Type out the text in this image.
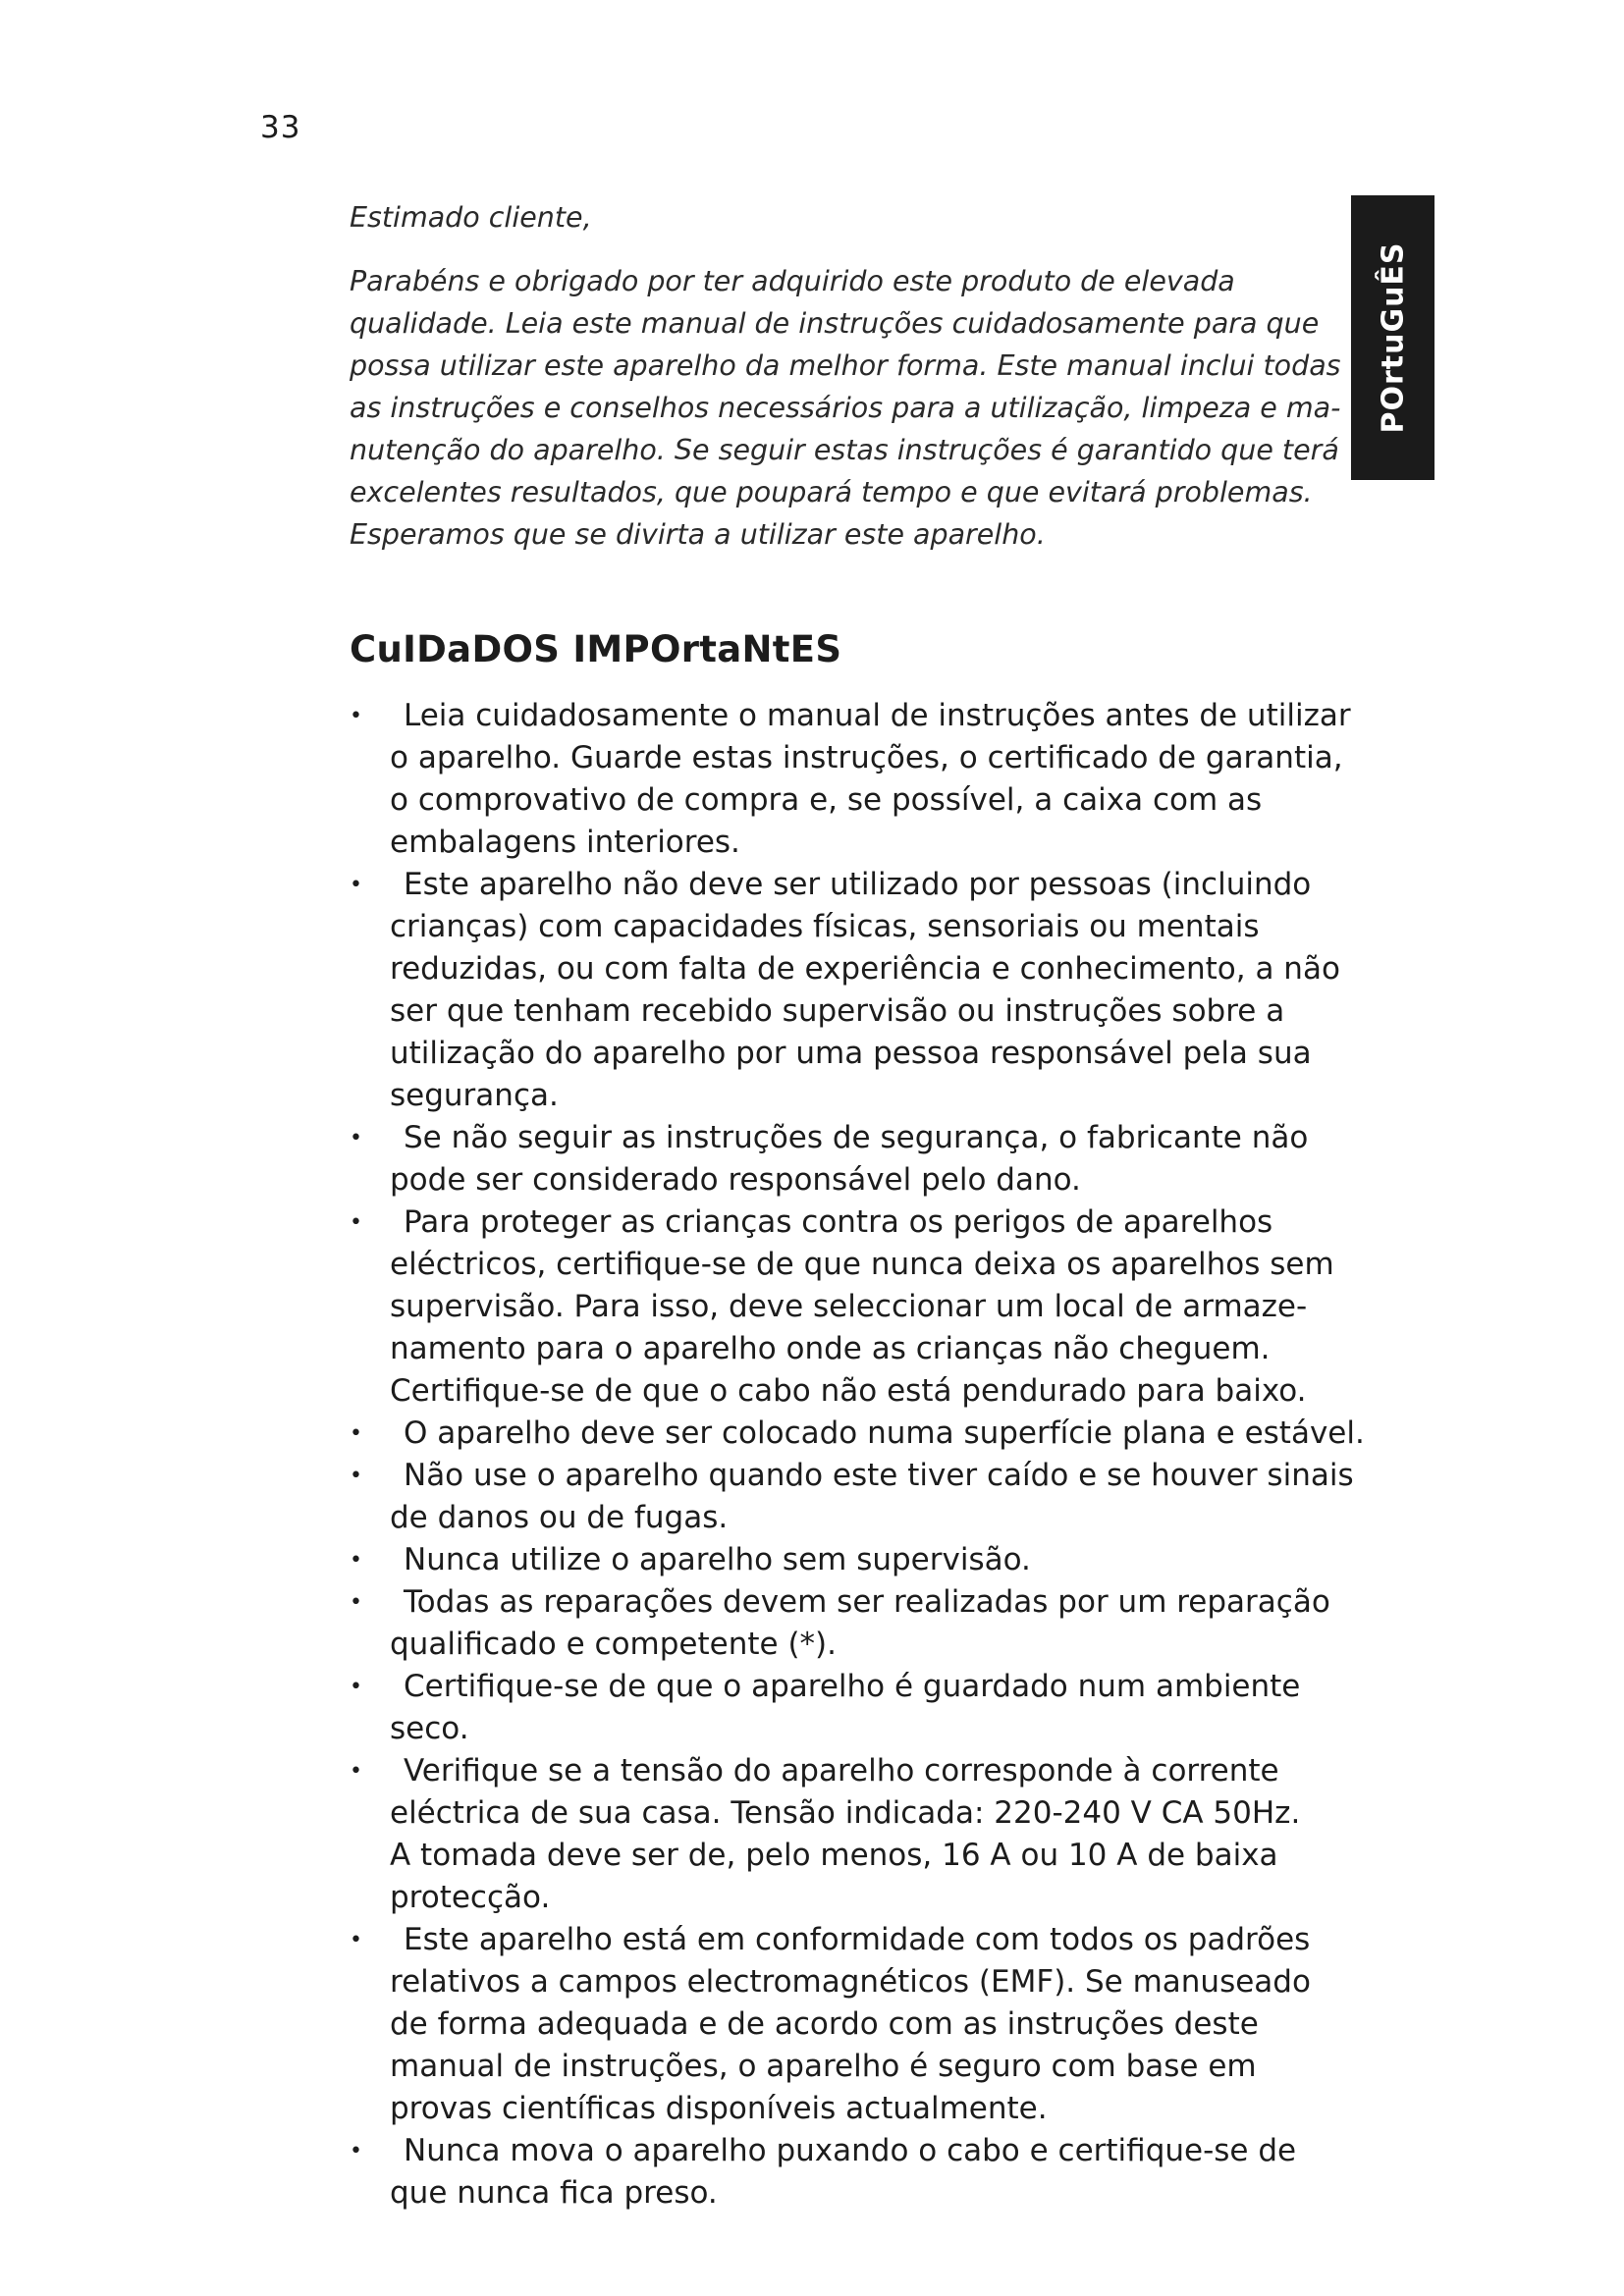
33
POrtuGuÊS

Estimado cliente,

Parabéns e obrigado por ter adquirido este produto de elevada
qualidade. Leia este manual de instruções cuidadosamente para que
possa utilizar este aparelho da melhor forma. Este manual inclui todas
as instruções e conselhos necessários para a utilização, limpeza e ma-
nutenção do aparelho. Se seguir estas instruções é garantido que terá
excelentes resultados, que poupará tempo e que evitará problemas.
Esperamos que se divirta a utilizar este aparelho.

CuIDaDOS IMPOrtaNtES
• Leia cuidadosamente o manual de instruções antes de utilizar
o aparelho. Guarde estas instruções, o certificado de garantia,
o comprovativo de compra e, se possível, a caixa com as
embalagens interiores.
• Este aparelho não deve ser utilizado por pessoas (incluindo
crianças) com capacidades físicas, sensoriais ou mentais
reduzidas, ou com falta de experiência e conhecimento, a não
ser que tenham recebido supervisão ou instruções sobre a
utilização do aparelho por uma pessoa responsável pela sua
segurança.
• Se não seguir as instruções de segurança, o fabricante não
pode ser considerado responsável pelo dano.
• Para proteger as crianças contra os perigos de aparelhos
eléctricos, certifique-se de que nunca deixa os aparelhos sem
supervisão. Para isso, deve seleccionar um local de armaze-
namento para o aparelho onde as crianças não cheguem.
Certifique-se de que o cabo não está pendurado para baixo.
• O aparelho deve ser colocado numa superfície plana e estável.
• Não use o aparelho quando este tiver caído e se houver sinais
de danos ou de fugas.
• Nunca utilize o aparelho sem supervisão.
• Todas as reparações devem ser realizadas por um reparação
qualificado e competente (*).
• Certifique-se de que o aparelho é guardado num ambiente
seco.
• Verifique se a tensão do aparelho corresponde à corrente
eléctrica de sua casa. Tensão indicada: 220-240 V CA 50Hz.
A tomada deve ser de, pelo menos, 16 A ou 10 A de baixa
protecção.
• Este aparelho está em conformidade com todos os padrões
relativos a campos electromagnéticos (EMF). Se manuseado
de forma adequada e de acordo com as instruções deste
manual de instruções, o aparelho é seguro com base em
provas científicas disponíveis actualmente.
• Nunca mova o aparelho puxando o cabo e certifique-se de
que nunca fica preso.
